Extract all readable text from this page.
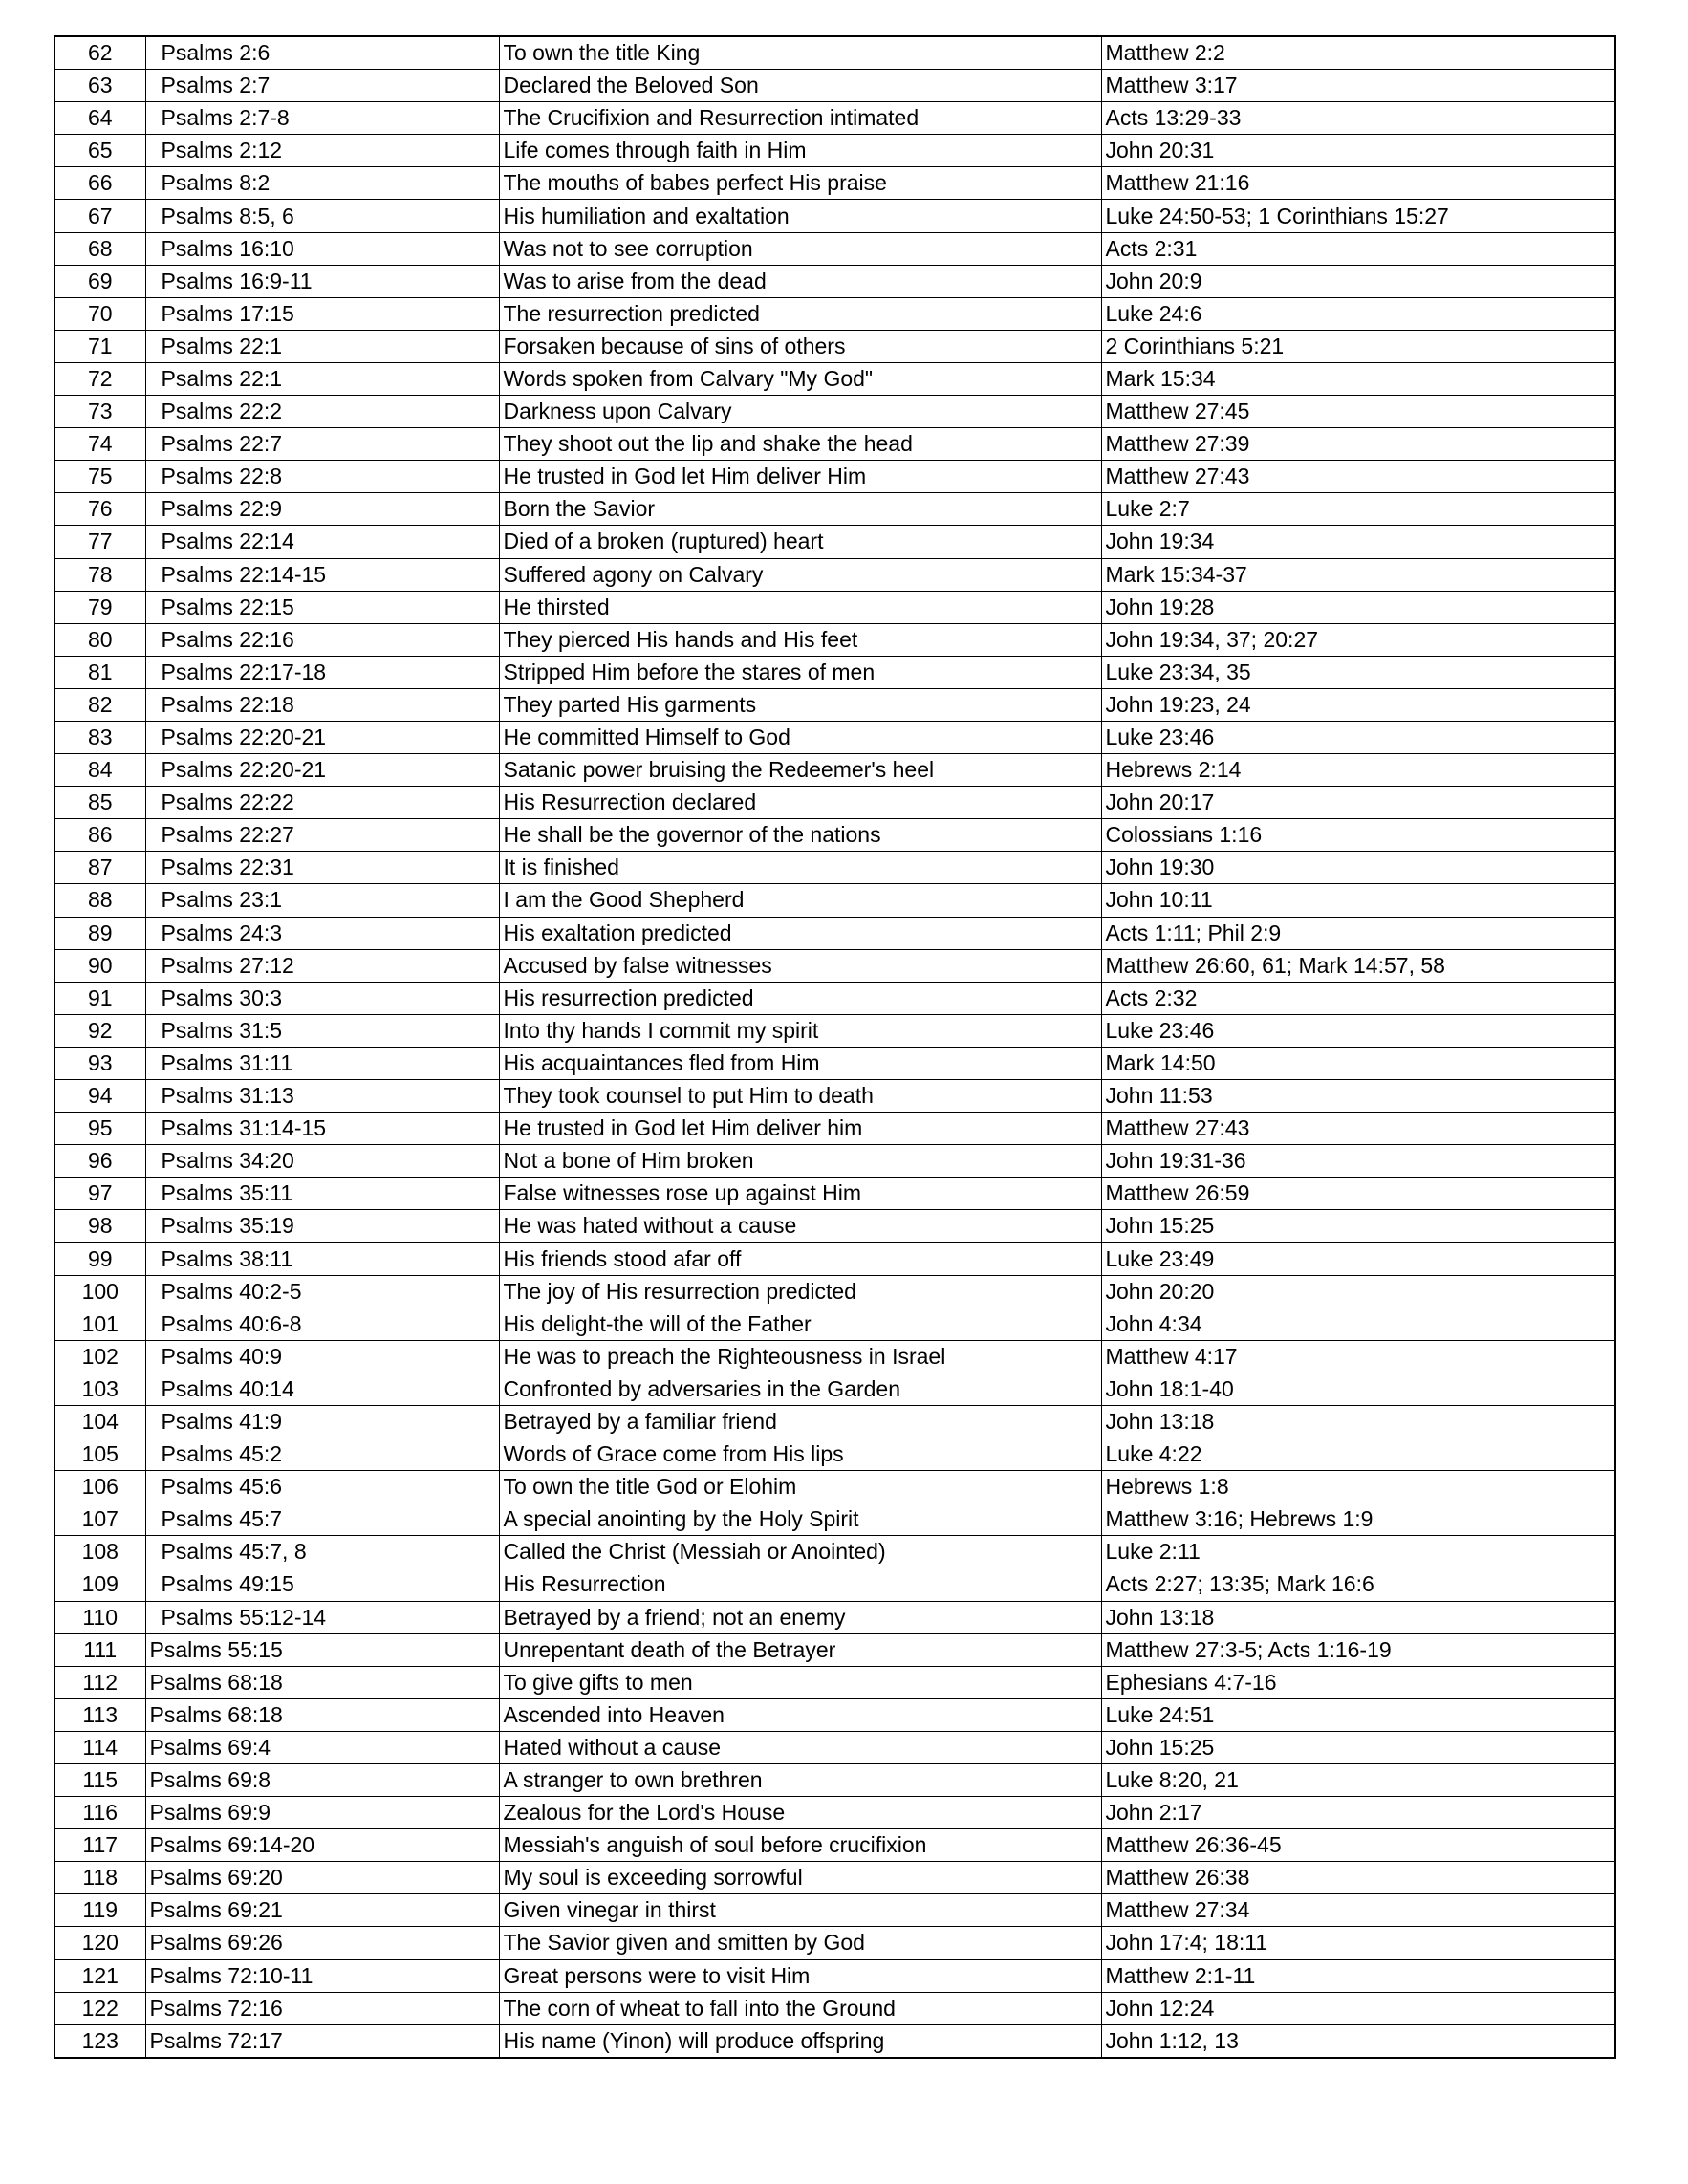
62	Psalms 2:6	To own the title King	Matthew 2:2
63	Psalms 2:7	Declared the Beloved Son	Matthew 3:17
64	Psalms 2:7-8	The Crucifixion and Resurrection intimated	Acts 13:29-33
65	Psalms 2:12	Life comes through faith in Him	John 20:31
66	Psalms 8:2	The mouths of babes perfect His praise	Matthew 21:16
67	Psalms 8:5, 6	His humiliation and exaltation	Luke 24:50-53; 1 Corinthians 15:27
68	Psalms 16:10	Was not to see corruption	Acts 2:31
69	Psalms 16:9-11	Was to arise from the dead	John 20:9
70	Psalms 17:15	The resurrection predicted	Luke 24:6
71	Psalms 22:1	Forsaken because of sins of others	2 Corinthians 5:21
72	Psalms 22:1	Words spoken from Calvary "My God"	Mark 15:34
73	Psalms 22:2	Darkness upon Calvary	Matthew 27:45
74	Psalms 22:7	They shoot out the lip and shake the head	Matthew 27:39
75	Psalms 22:8	He trusted in God let Him deliver Him	Matthew 27:43
76	Psalms 22:9	Born the Savior	Luke 2:7
77	Psalms 22:14	Died of a broken (ruptured) heart	John 19:34
78	Psalms 22:14-15	Suffered agony on Calvary	Mark 15:34-37
79	Psalms 22:15	He thirsted	John 19:28
80	Psalms 22:16	They pierced His hands and His feet	John 19:34, 37; 20:27
81	Psalms 22:17-18	Stripped Him before the stares of men	Luke 23:34, 35
82	Psalms 22:18	They parted His garments	John 19:23, 24
83	Psalms 22:20-21	He committed Himself to God	Luke 23:46
84	Psalms 22:20-21	Satanic power bruising the Redeemer's heel	Hebrews 2:14
85	Psalms 22:22	His Resurrection declared	John 20:17
86	Psalms 22:27	He shall be the governor of the nations	Colossians 1:16
87	Psalms 22:31	It is finished	John 19:30
88	Psalms 23:1	I am the Good Shepherd	John 10:11
89	Psalms 24:3	His exaltation predicted	Acts 1:11; Phil 2:9
90	Psalms 27:12	Accused by false witnesses	Matthew 26:60, 61; Mark 14:57, 58
91	Psalms 30:3	His resurrection predicted	Acts 2:32
92	Psalms 31:5	Into thy hands I commit my spirit	Luke 23:46
93	Psalms 31:11	His acquaintances fled from Him	Mark 14:50
94	Psalms 31:13	They took counsel to put Him to death	John 11:53
95	Psalms 31:14-15	He trusted in God let Him deliver him	Matthew 27:43
96	Psalms 34:20	Not a bone of Him broken	John 19:31-36
97	Psalms 35:11	False witnesses rose up against Him	Matthew 26:59
98	Psalms 35:19	He was hated without a cause	John 15:25
99	Psalms 38:11	His friends stood afar off	Luke 23:49
100	Psalms 40:2-5	The joy of His resurrection predicted	John 20:20
101	Psalms 40:6-8	His delight-the will of the Father	John 4:34
102	Psalms 40:9	He was to preach the Righteousness in Israel	Matthew 4:17
103	Psalms 40:14	Confronted by adversaries in the Garden	John 18:1-40
104	Psalms 41:9	Betrayed by a familiar friend	John 13:18
105	Psalms 45:2	Words of Grace come from His lips	Luke 4:22
106	Psalms 45:6	To own the title God or Elohim	Hebrews 1:8
107	Psalms 45:7	A special anointing by the Holy Spirit	Matthew 3:16; Hebrews 1:9
108	Psalms 45:7, 8	Called the Christ (Messiah or Anointed)	Luke 2:11
109	Psalms 49:15	His Resurrection	Acts 2:27; 13:35; Mark 16:6
110	Psalms 55:12-14	Betrayed by a friend; not an enemy	John 13:18
111	Psalms 55:15	Unrepentant death of the Betrayer	Matthew 27:3-5; Acts 1:16-19
112	Psalms 68:18	To give gifts to men	Ephesians 4:7-16
113	Psalms 68:18	Ascended into Heaven	Luke 24:51
114	Psalms 69:4	Hated without a cause	John 15:25
115	Psalms 69:8	A stranger to own brethren	Luke 8:20, 21
116	Psalms 69:9	Zealous for the Lord's House	John 2:17
117	Psalms 69:14-20	Messiah's anguish of soul before crucifixion	Matthew 26:36-45
118	Psalms 69:20	My soul is exceeding sorrowful	Matthew 26:38
119	Psalms 69:21	Given vinegar in thirst	Matthew 27:34
120	Psalms 69:26	The Savior given and smitten by God	John 17:4; 18:11
121	Psalms 72:10-11	Great persons were to visit Him	Matthew 2:1-11
122	Psalms 72:16	The corn of wheat to fall into the Ground	John 12:24
123	Psalms 72:17	His name (Yinon) will produce offspring	John 1:12, 13
